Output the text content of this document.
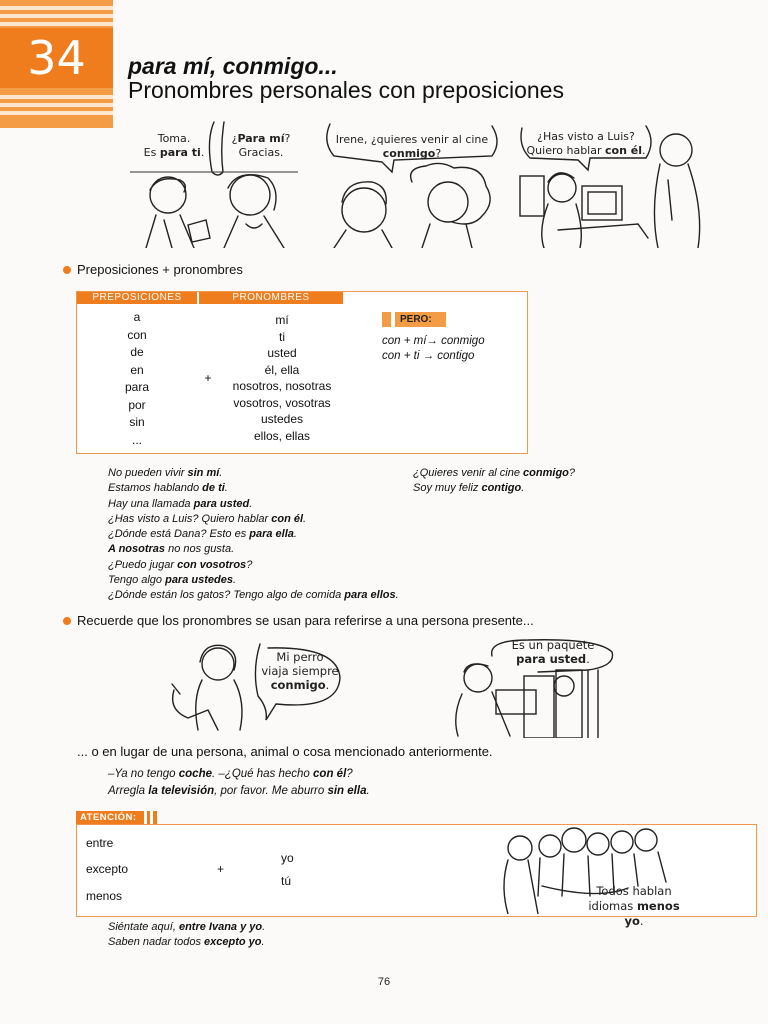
34	para mí, conmigo...
Pronombres personales con preposiciones
Toma.
Es para ti.
¿Para mí?
Gracias.
Irene, ¿quieres venir al cine
conmigo?
¿Has visto a Luis?
Quiero hablar con él.
Preposiciones + pronombres
PREPOSICIONES	PRONOMBRES
a
con
de
en
para
por
sin
...
+
mí
ti
usted
él, ella
nosotros, nosotras
vosotros, vosotras
ustedes
ellos, ellas
PERO:
con + mí→ conmigo
con + ti → contigo
No pueden vivir sin mí.
Estamos hablando de ti.
Hay una llamada para usted.
¿Has visto a Luis? Quiero hablar con él.
¿Dónde está Dana? Esto es para ella.
A nosotras no nos gusta.
¿Puedo jugar con vosotros?
Tengo algo para ustedes.
¿Dónde están los gatos? Tengo algo de comida para ellos.
¿Quieres venir al cine conmigo?
Soy muy feliz contigo.
Recuerde que los pronombres se usan para referirse a una persona presente...
Mi perro
viaja siempre
conmigo.
Es un paquete
para usted.
... o en lugar de una persona, animal o cosa mencionado anteriormente.
–Ya no tengo coche. –¿Qué has hecho con él?
Arregla la televisión, por favor. Me aburro sin ella.
ATENCIÓN:
entre
excepto
menos
+
yo
tú
Todos hablan
idiomas menos yo.
Siéntate aquí, entre Ivana y yo.
Saben nadar todos excepto yo.
76
